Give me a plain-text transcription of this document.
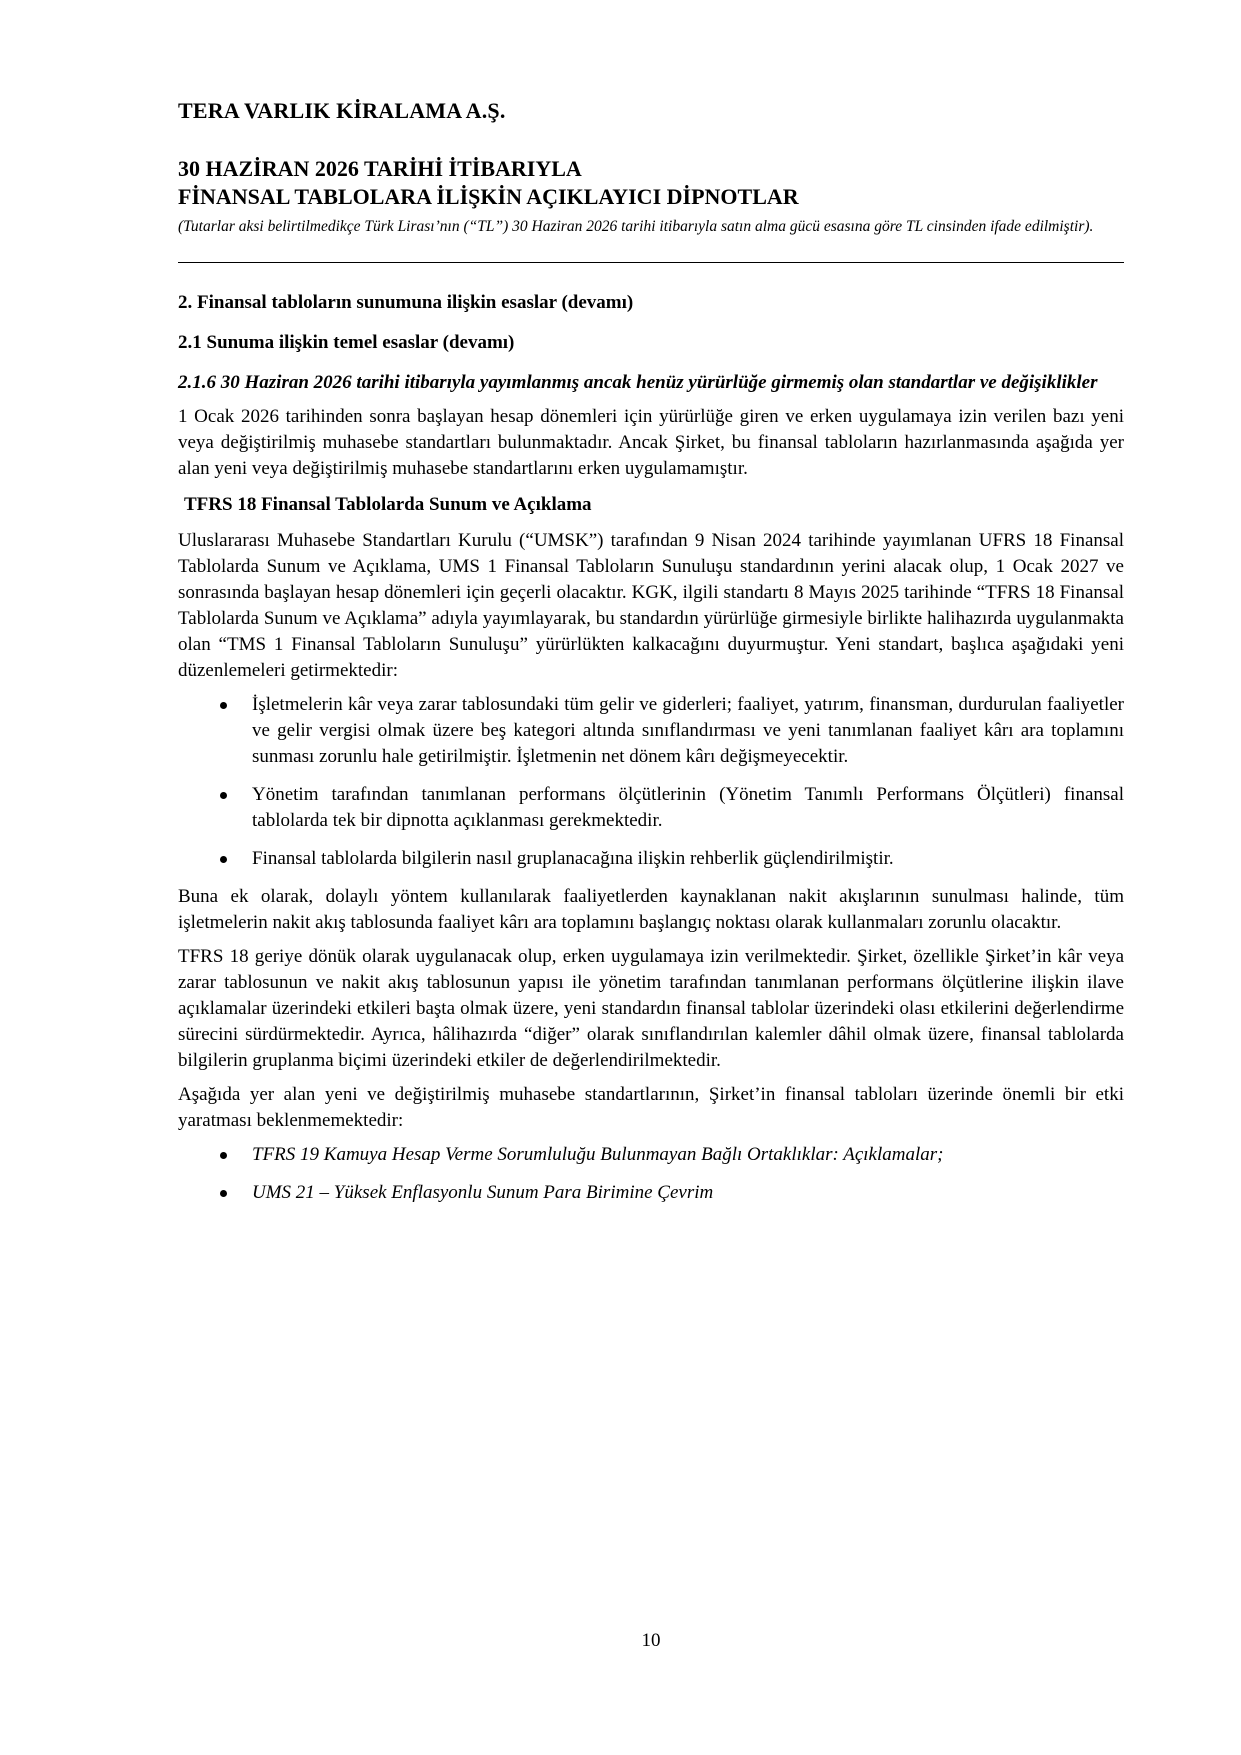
TERA VARLIK KİRALAMA A.Ş.
30 HAZİRAN 2026 TARİHİ İTİBARIYLA
FİNANSAL TABLOLARA İLİŞKİN AÇIKLAYICI DİPNOTLAR
(Tutarlar aksi belirtilmedikçe Türk Lirası’nın (“TL”) 30 Haziran 2026 tarihi itibarıyla satın alma gücü esasına göre TL cinsinden ifade edilmiştir).
2. Finansal tabloların sunumuna ilişkin esaslar (devamı)
2.1 Sunuma ilişkin temel esaslar (devamı)
2.1.6 30 Haziran 2026 tarihi itibarıyla yayımlanmış ancak henüz yürürlüğe girmemiş olan standartlar ve değişiklikler

1 Ocak 2026 tarihinden sonra başlayan hesap dönemleri için yürürlüğe giren ve erken uygulamaya izin verilen bazı yeni veya değiştirilmiş muhasebe standartları bulunmaktadır. Ancak Şirket, bu finansal tabloların hazırlanmasında aşağıda yer alan yeni veya değiştirilmiş muhasebe standartlarını erken uygulamamıştır.

TFRS 18 Finansal Tablolarda Sunum ve Açıklama

Uluslararası Muhasebe Standartları Kurulu (“UMSK”) tarafından 9 Nisan 2024 tarihinde yayımlanan UFRS 18 Finansal Tablolarda Sunum ve Açıklama, UMS 1 Finansal Tabloların Sunuluşu standardının yerini alacak olup, 1 Ocak 2027 ve sonrasında başlayan hesap dönemleri için geçerli olacaktır. KGK, ilgili standartı 8 Mayıs 2025 tarihinde “TFRS 18 Finansal Tablolarda Sunum ve Açıklama” adıyla yayımlayarak, bu standardın yürürlüğe girmesiyle birlikte halihazırda uygulanmakta olan “TMS 1 Finansal Tabloların Sunuluşu” yürürlükten kalkacağını duyurmuştur. Yeni standart, başlıca aşağıdaki yeni düzenlemeleri getirmektedir:

İşletmelerin kâr veya zarar tablosundaki tüm gelir ve giderleri; faaliyet, yatırım, finansman, durdurulan faaliyetler ve gelir vergisi olmak üzere beş kategori altında sınıflandırması ve yeni tanımlanan faaliyet kârı ara toplamını sunması zorunlu hale getirilmiştir. İşletmenin net dönem kârı değişmeyecektir.
Yönetim tarafından tanımlanan performans ölçütlerinin (Yönetim Tanımlı Performans Ölçütleri) finansal tablolarda tek bir dipnotta açıklanması gerekmektedir.
Finansal tablolarda bilgilerin nasıl gruplanacağına ilişkin rehberlik güçlendirilmiştir.

Buna ek olarak, dolaylı yöntem kullanılarak faaliyetlerden kaynaklanan nakit akışlarının sunulması halinde, tüm işletmelerin nakit akış tablosunda faaliyet kârı ara toplamını başlangıç noktası olarak kullanmaları zorunlu olacaktır.

TFRS 18 geriye dönük olarak uygulanacak olup, erken uygulamaya izin verilmektedir. Şirket, özellikle Şirket’in kâr veya zarar tablosunun ve nakit akış tablosunun yapısı ile yönetim tarafından tanımlanan performans ölçütlerine ilişkin ilave açıklamalar üzerindeki etkileri başta olmak üzere, yeni standardın finansal tablolar üzerindeki olası etkilerini değerlendirme sürecini sürdürmektedir. Ayrıca, hâlihazırda “diğer” olarak sınıflandırılan kalemler dâhil olmak üzere, finansal tablolarda bilgilerin gruplanma biçimi üzerindeki etkiler de değerlendirilmektedir.

Aşağıda yer alan yeni ve değiştirilmiş muhasebe standartlarının, Şirket’in finansal tabloları üzerinde önemli bir etki yaratması beklenmemektedir:

TFRS 19 Kamuya Hesap Verme Sorumluluğu Bulunmayan Bağlı Ortaklıklar: Açıklamalar;
UMS 21 – Yüksek Enflasyonlu Sunum Para Birimine Çevrim
10
